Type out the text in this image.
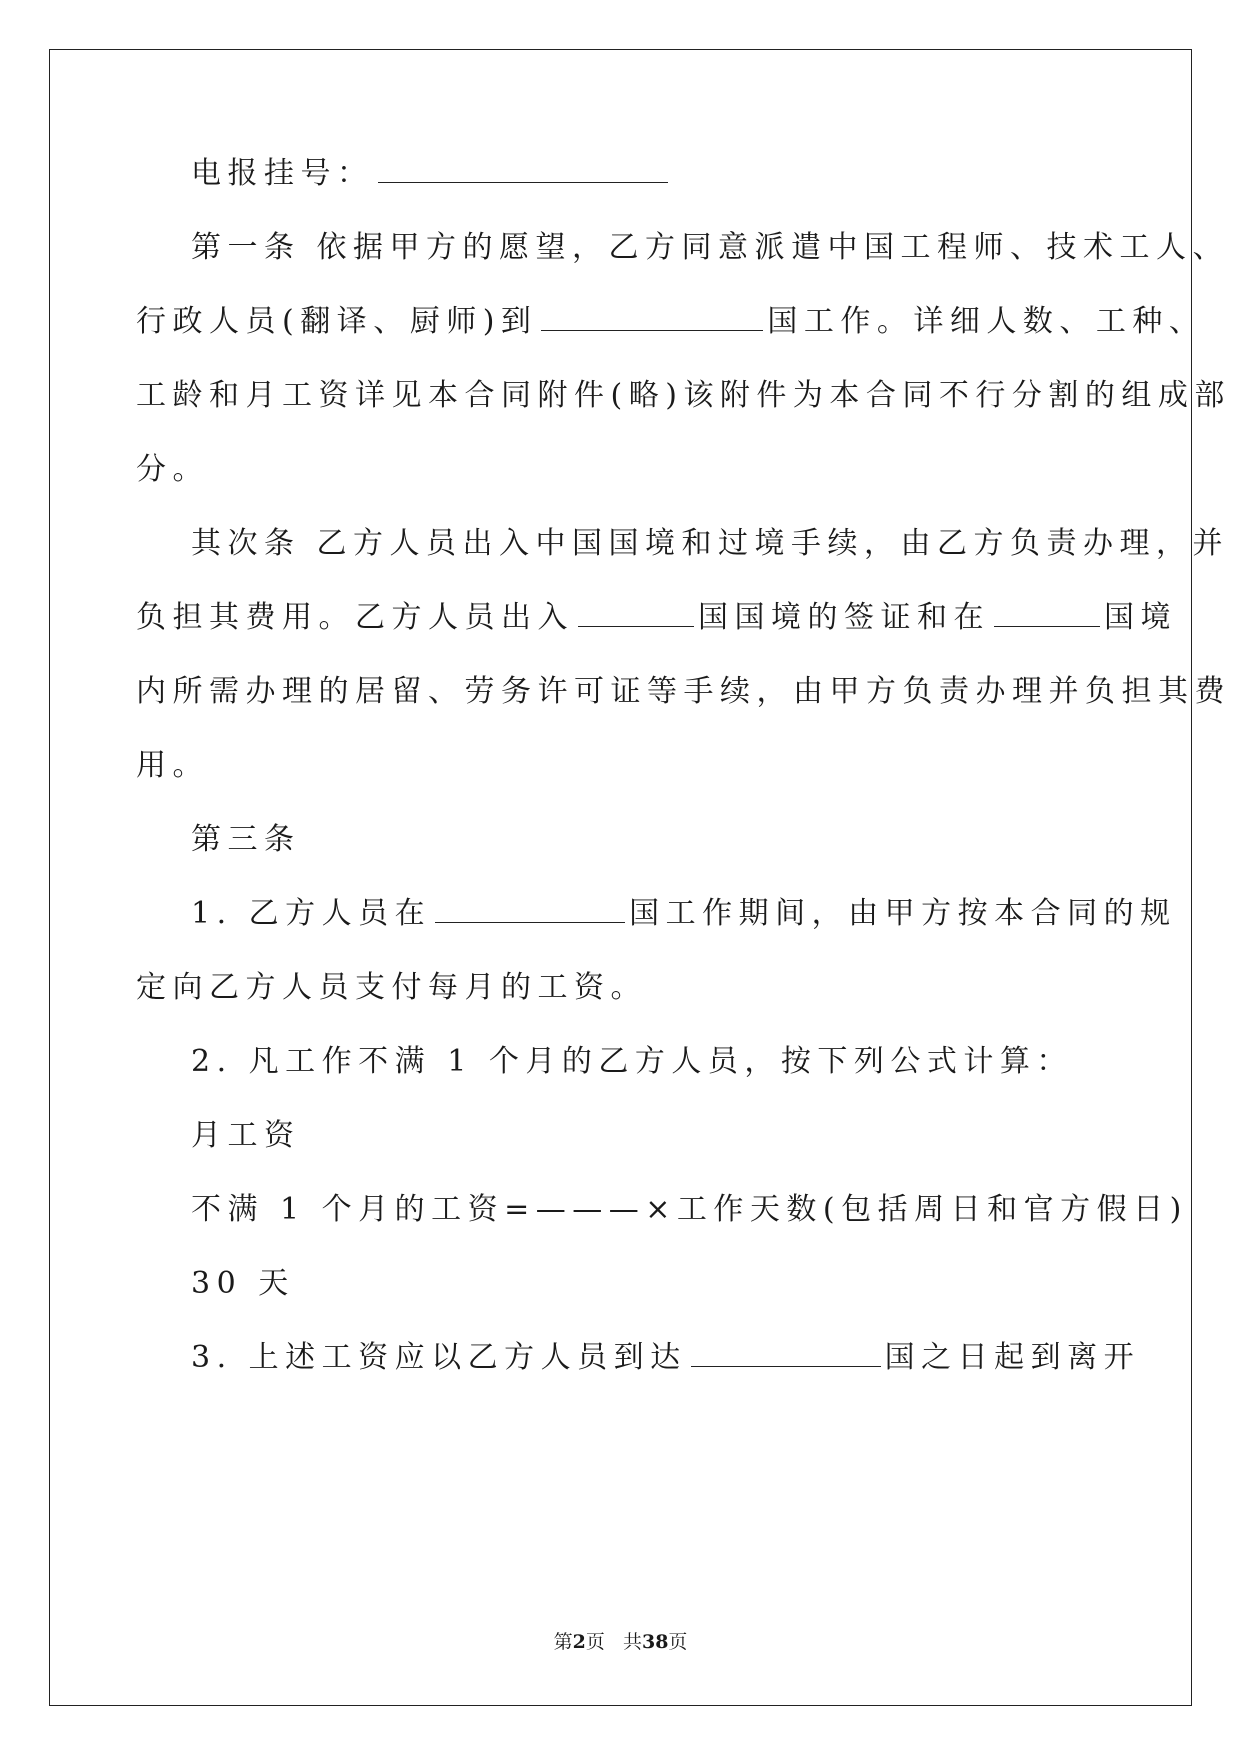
电报挂号：
第一条 依据甲方的愿望，乙方同意派遣中国工程师、技术工人、
行政人员(翻译、厨师)到	国工作。详细人数、工种、
工龄和月工资详见本合同附件(略)该附件为本合同不行分割的组成部
分。
其次条 乙方人员出入中国国境和过境手续，由乙方负责办理，并
负担其费用。乙方人员出入	国国境的签证和在	国境
内所需办理的居留、劳务许可证等手续，由甲方负责办理并负担其费
用。
第三条
1. 乙方人员在	国工作期间，由甲方按本合同的规
定向乙方人员支付每月的工资。
2. 凡工作不满 1 个月的乙方人员，按下列公式计算：
月工资
不满 1 个月的工资=———×工作天数(包括周日和官方假日)
30 天
3. 上述工资应以乙方人员到达	国之日起到离开
第2页 共38页
